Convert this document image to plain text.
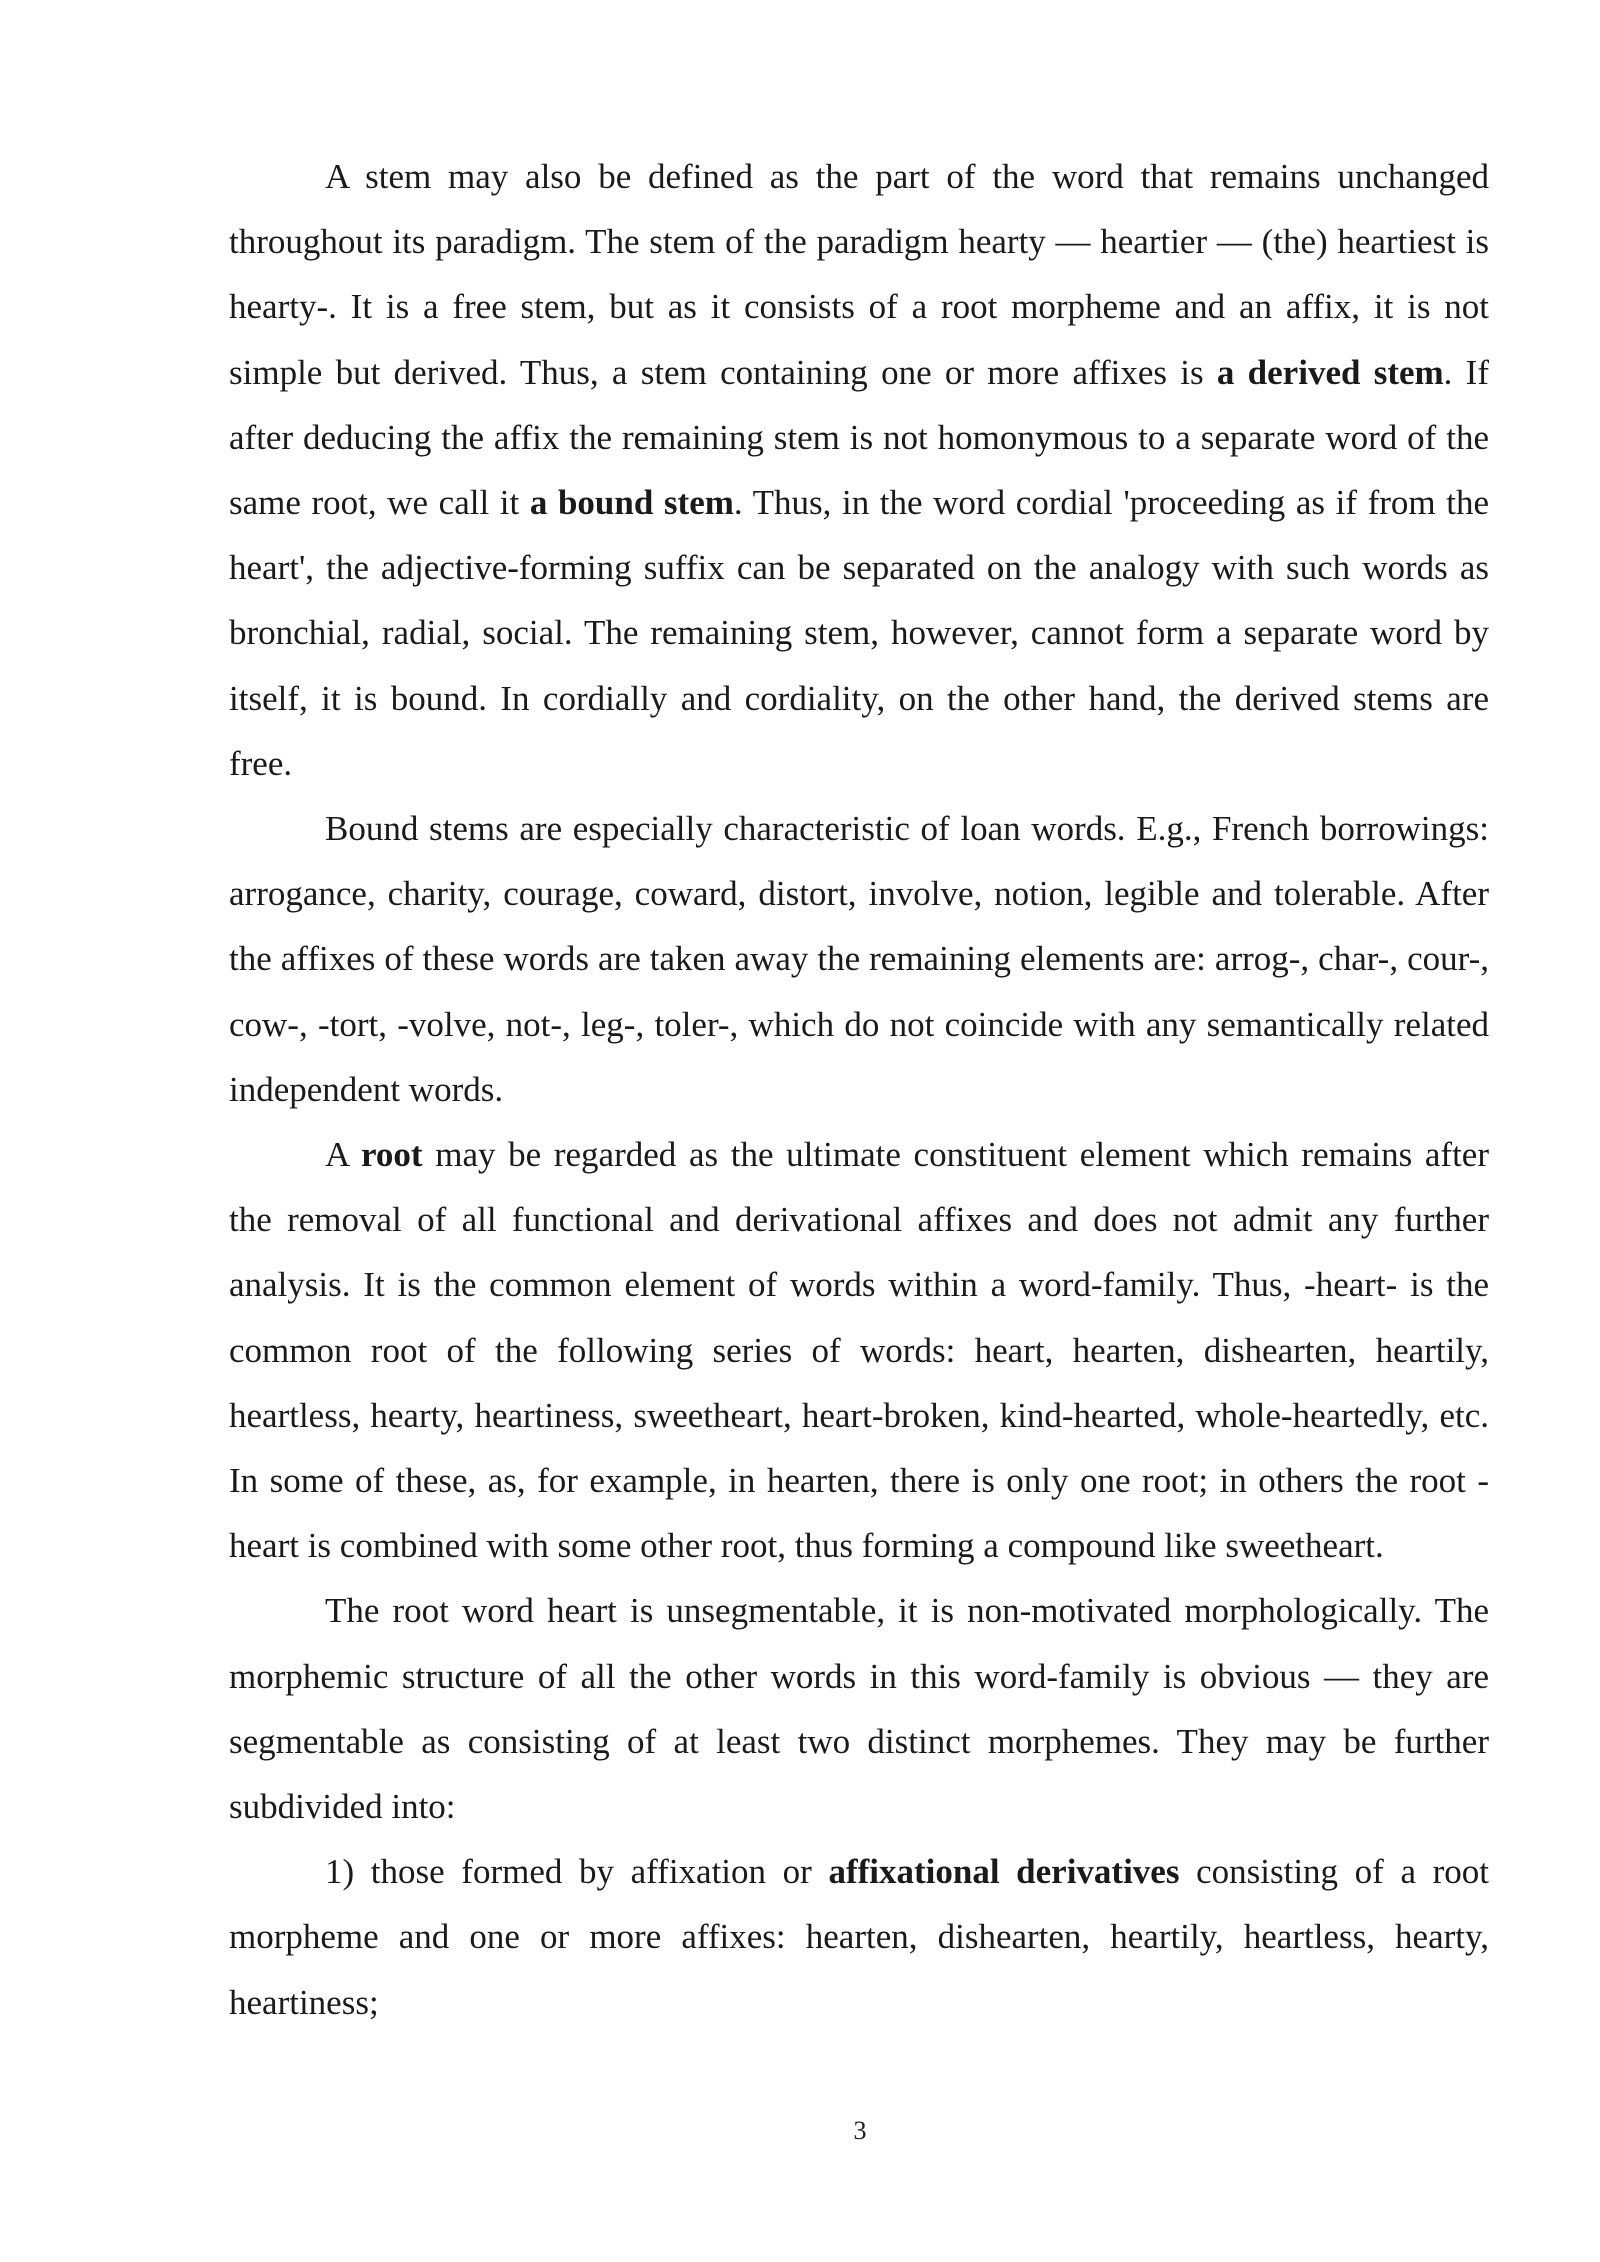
A stem may also be defined as the part of the word that remains unchanged throughout its paradigm. The stem of the paradigm hearty — heartier — (the) heartiest is hearty-. It is a free stem, but as it consists of a root morpheme and an affix, it is not simple but derived. Thus, a stem containing one or more affixes is a derived stem. If after deducing the affix the remaining stem is not homonymous to a separate word of the same root, we call it a bound stem. Thus, in the word cordial 'proceeding as if from the heart', the adjective-forming suffix can be separated on the analogy with such words as bronchial, radial, social. The remaining stem, however, cannot form a separate word by itself, it is bound. In cordially and cordiality, on the other hand, the derived stems are free.

Bound stems are especially characteristic of loan words. E.g., French borrowings: arrogance, charity, courage, coward, distort, involve, notion, legible and tolerable. After the affixes of these words are taken away the remaining elements are: arrog-, char-, cour-, cow-, -tort, -volve, not-, leg-, toler-, which do not coincide with any semantically related independent words.

A root may be regarded as the ultimate constituent element which remains after the removal of all functional and derivational affixes and does not admit any further analysis. It is the common element of words within a word-family. Thus, -heart- is the common root of the following series of words: heart, hearten, dishearten, heartily, heartless, hearty, heartiness, sweetheart, heart-broken, kind-hearted, whole-heartedly, etc. In some of these, as, for example, in hearten, there is only one root; in others the root -heart is combined with some other root, thus forming a compound like sweetheart.

The root word heart is unsegmentable, it is non-motivated morphologically. The morphemic structure of all the other words in this word-family is obvious — they are segmentable as consisting of at least two distinct morphemes. They may be further subdivided into:

1) those formed by affixation or affixational derivatives consisting of a root morpheme and one or more affixes: hearten, dishearten, heartily, heartless, hearty, heartiness;

3
